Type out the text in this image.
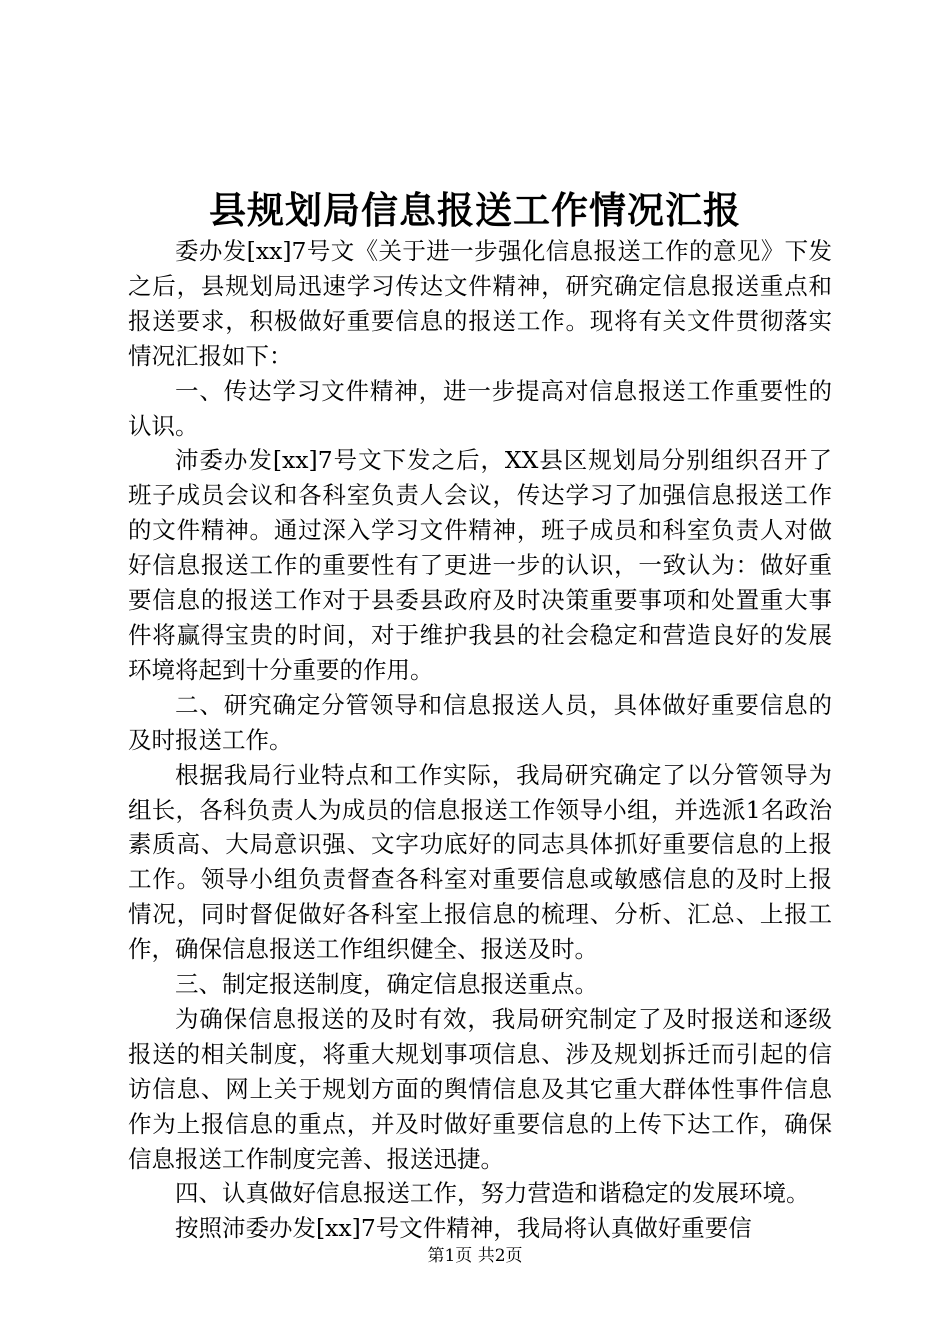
县规划局信息报送工作情况汇报

委办发[xx]7号文《关于进一步强化信息报送工作的意见》下发之后，县规划局迅速学习传达文件精神，研究确定信息报送重点和报送要求，积极做好重要信息的报送工作。现将有关文件贯彻落实情况汇报如下：

一、传达学习文件精神，进一步提高对信息报送工作重要性的认识。

沛委办发[xx]7号文下发之后，XX县区规划局分别组织召开了班子成员会议和各科室负责人会议，传达学习了加强信息报送工作的文件精神。通过深入学习文件精神，班子成员和科室负责人对做好信息报送工作的重要性有了更进一步的认识，一致认为：做好重要信息的报送工作对于县委县政府及时决策重要事项和处置重大事件将赢得宝贵的时间，对于维护我县的社会稳定和营造良好的发展环境将起到十分重要的作用。

二、研究确定分管领导和信息报送人员，具体做好重要信息的及时报送工作。

根据我局行业特点和工作实际，我局研究确定了以分管领导为组长，各科负责人为成员的信息报送工作领导小组，并选派1名政治素质高、大局意识强、文字功底好的同志具体抓好重要信息的上报工作。领导小组负责督查各科室对重要信息或敏感信息的及时上报情况，同时督促做好各科室上报信息的梳理、分析、汇总、上报工作，确保信息报送工作组织健全、报送及时。

三、制定报送制度，确定信息报送重点。

为确保信息报送的及时有效，我局研究制定了及时报送和逐级报送的相关制度，将重大规划事项信息、涉及规划拆迁而引起的信访信息、网上关于规划方面的舆情信息及其它重大群体性事件信息作为上报信息的重点，并及时做好重要信息的上传下达工作，确保信息报送工作制度完善、报送迅捷。

四、认真做好信息报送工作，努力营造和谐稳定的发展环境。

按照沛委办发[xx]7号文件精神，我局将认真做好重要信

第1页 共2页
